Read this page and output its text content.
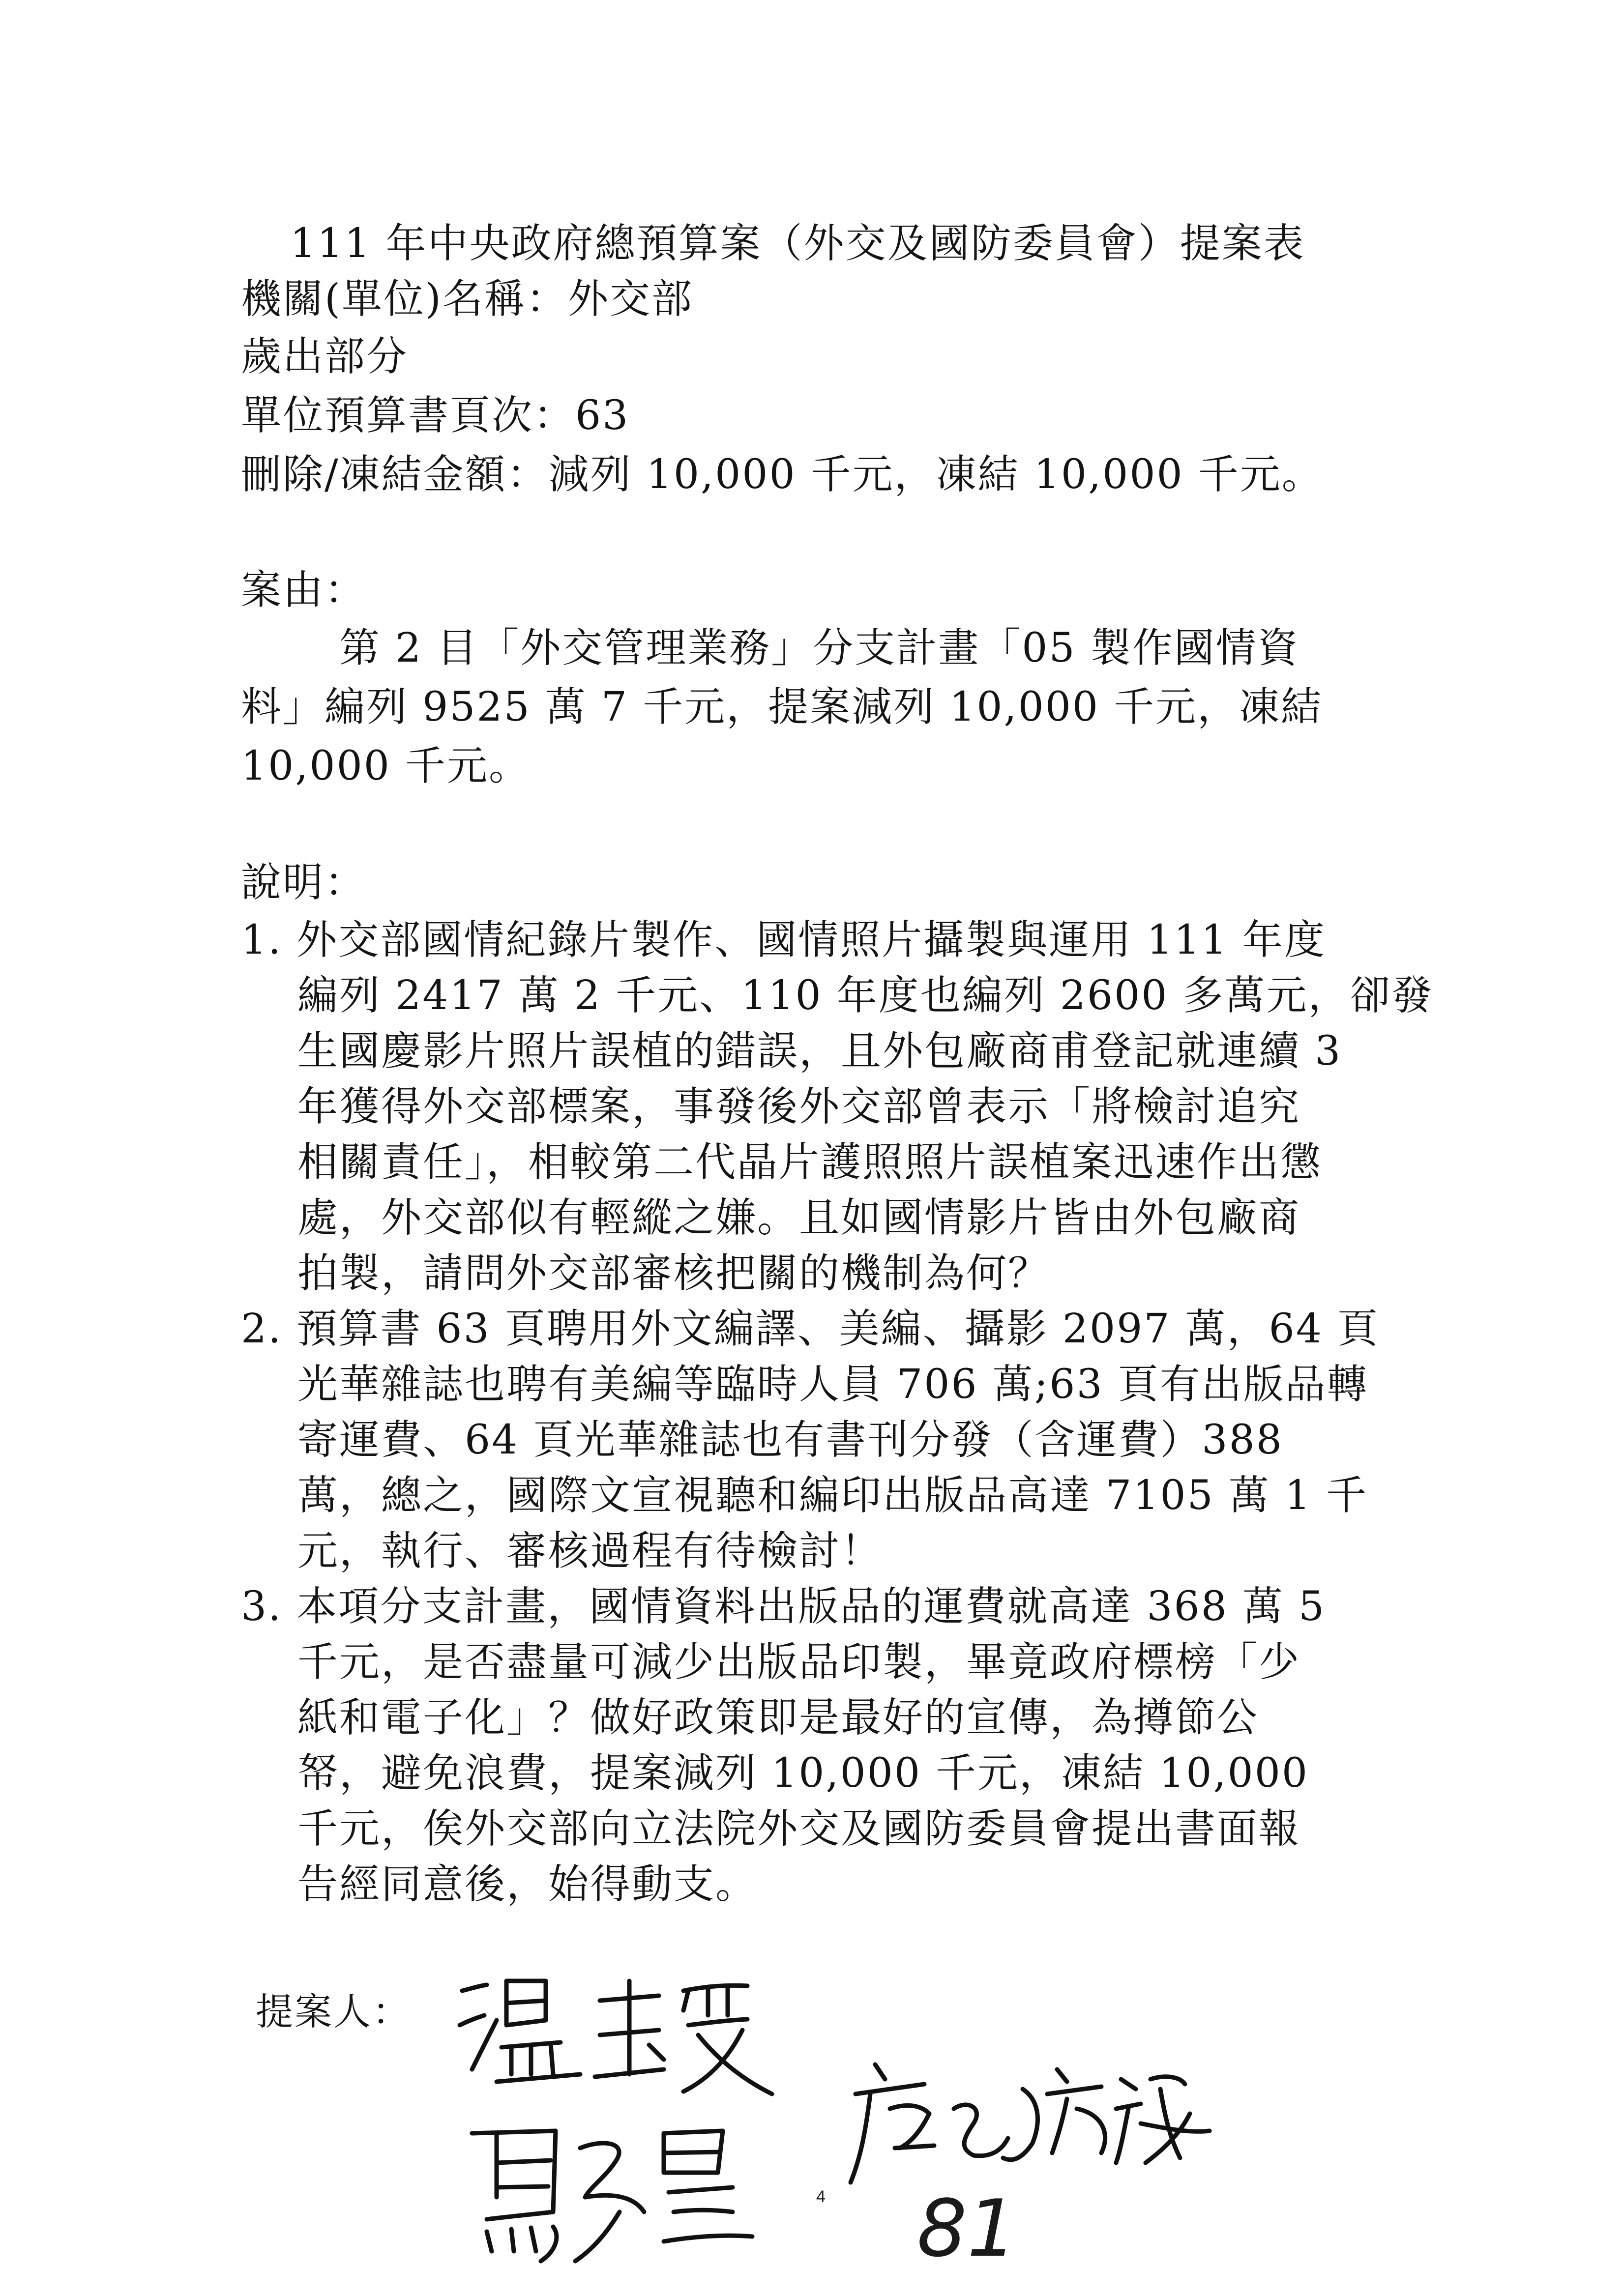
111 年中央政府總預算案（外交及國防委員會）提案表
機關(單位)名稱：外交部
歲出部分
單位預算書頁次：63
刪除/凍結金額：減列 10,000 千元，凍結 10,000 千元。
案由：
第 2 目「外交管理業務」分支計畫「05 製作國情資
料」編列 9525 萬 7 千元，提案減列 10,000 千元，凍結
10,000 千元。
說明：
1. 外交部國情紀錄片製作、國情照片攝製與運用 111 年度
編列 2417 萬 2 千元、110 年度也編列 2600 多萬元，卻發
生國慶影片照片誤植的錯誤，且外包廠商甫登記就連續 3
年獲得外交部標案，事發後外交部曾表示「將檢討追究
相關責任」，相較第二代晶片護照照片誤植案迅速作出懲
處，外交部似有輕縱之嫌。且如國情影片皆由外包廠商
拍製，請問外交部審核把關的機制為何？
2. 預算書 63 頁聘用外文編譯、美編、攝影 2097 萬，64 頁
光華雜誌也聘有美編等臨時人員 706 萬;63 頁有出版品轉
寄運費、64 頁光華雜誌也有書刊分發（含運費）388
萬，總之，國際文宣視聽和編印出版品高達 7105 萬 1 千
元，執行、審核過程有待檢討！
3. 本項分支計畫，國情資料出版品的運費就高達 368 萬 5
千元，是否盡量可減少出版品印製，畢竟政府標榜「少
紙和電子化」？做好政策即是最好的宣傳，為撙節公
帑，避免浪費，提案減列 10,000 千元，凍結 10,000
千元，俟外交部向立法院外交及國防委員會提出書面報
告經同意後，始得動支。
提案人：
4 81
